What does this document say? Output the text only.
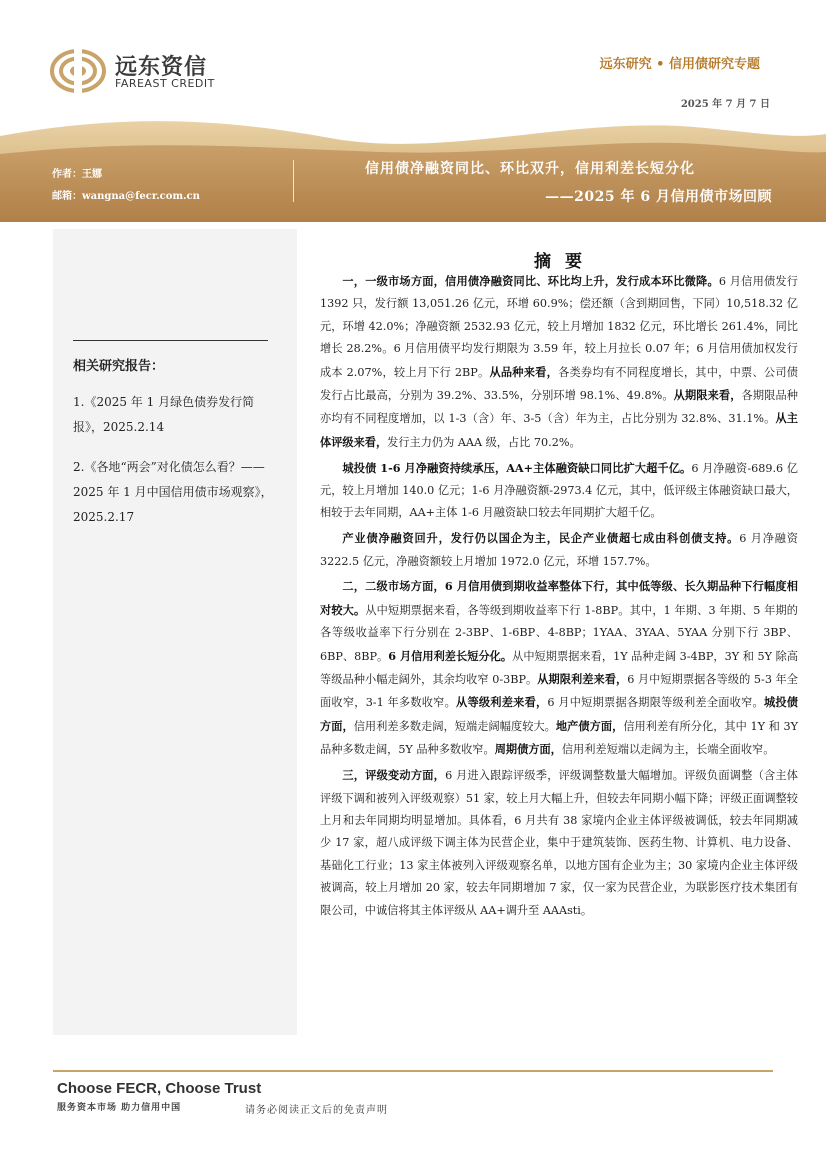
远东资信
FAREAST CREDIT
远东研究 • 信用债研究专题
2025 年 7 月 7 日
作者：王娜
邮箱：wangna@fecr.com.cn
信用债净融资同比、环比双升，信用利差长短分化
——2025 年 6 月信用债市场回顾
相关研究报告：
1.《2025 年 1 月绿色债券发行简报》，2025.2.14
2.《各地“两会”对化债怎么看？——2025 年 1 月中国信用债市场观察》，2025.2.17
摘 要

一，一级市场方面，信用债净融资同比、环比均上升，发行成本环比微降。6 月信用债发行 1392 只，发行额 13,051.26 亿元，环增 60.9%；偿还额（含到期回售，下同）10,518.32 亿元，环增 42.0%；净融资额 2532.93 亿元，较上月增加 1832 亿元，环比增长 261.4%，同比增长 28.2%。6 月信用债平均发行期限为 3.59 年，较上月拉长 0.07 年；6 月信用债加权发行成本 2.07%，较上月下行 2BP。从品种来看，各类券均有不同程度增长，其中，中票、公司债发行占比最高，分别为 39.2%、33.5%，分别环增 98.1%、49.8%。从期限来看，各期限品种亦均有不同程度增加，以 1-3（含）年、3-5（含）年为主，占比分别为 32.8%、31.1%。从主体评级来看，发行主力仍为 AAA 级，占比 70.2%。

城投债 1-6 月净融资持续承压，AA+主体融资缺口同比扩大超千亿。6 月净融资-689.6 亿元，较上月增加 140.0 亿元；1-6 月净融资额-2973.4 亿元，其中，低评级主体融资缺口最大，相较于去年同期，AA+主体 1-6 月融资缺口较去年同期扩大超千亿。

产业债净融资回升，发行仍以国企为主，民企产业债超七成由科创债支持。6 月净融资 3222.5 亿元，净融资额较上月增加 1972.0 亿元，环增 157.7%。

二，二级市场方面，6 月信用债到期收益率整体下行，其中低等级、长久期品种下行幅度相对较大。从中短期票据来看，各等级到期收益率下行 1-8BP。其中，1 年期、3 年期、5 年期的各等级收益率下行分别在 2-3BP、1-6BP、4-8BP；1YAA、3YAA、5YAA 分别下行 3BP、6BP、8BP。6 月信用利差长短分化。从中短期票据来看，1Y 品种走阔 3-4BP，3Y 和 5Y 除高等级品种小幅走阔外，其余均收窄 0-3BP。从期限利差来看，6 月中短期票据各等级的 5-3 年全面收窄，3-1 年多数收窄。从等级利差来看，6 月中短期票据各期限等级利差全面收窄。城投债方面，信用利差多数走阔，短端走阔幅度较大。地产债方面，信用利差有所分化，其中 1Y 和 3Y 品种多数走阔，5Y 品种多数收窄。周期债方面，信用利差短端以走阔为主，长端全面收窄。

三，评级变动方面，6 月进入跟踪评级季，评级调整数量大幅增加。评级负面调整（含主体评级下调和被列入评级观察）51 家，较上月大幅上升，但较去年同期小幅下降；评级正面调整较上月和去年同期均明显增加。具体看，6 月共有 38 家境内企业主体评级被调低，较去年同期减少 17 家，超八成评级下调主体为民营企业，集中于建筑装饰、医药生物、计算机、电力设备、基础化工行业；13 家主体被列入评级观察名单，以地方国有企业为主；30 家境内企业主体评级被调高，较上月增加 20 家，较去年同期增加 7 家，仅一家为民营企业，为联影医疗技术集团有限公司，中诚信将其主体评级从 AA+调升至 AAAsti。

Choose FECR, Choose Trust
服务资本市场 助力信用中国	请务必阅读正文后的免责声明
